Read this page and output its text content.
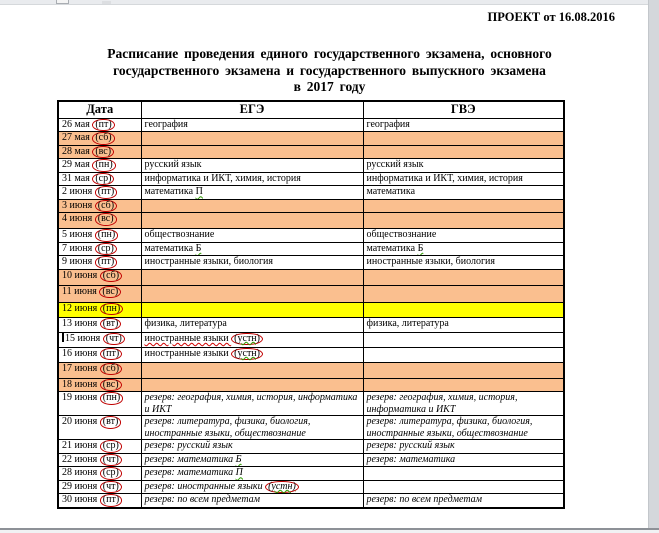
ПРОЕКТ от 16.08.2016
Расписание проведения единого государственного экзамена, основного
государственного экзамена и государственного выпускного экзамена
в 2017 году
Дата	ЕГЭ	ГВЭ
26 мая (пт)	география	география
27 мая (сб)		
28 мая (вс)		
29 мая (пн)	русский язык	русский язык
31 мая (ср)	информатика и ИКТ, химия, история	информатика и ИКТ, химия, история
2 июня (пт)	математика П	математика
3 июня (сб)		
4 июня (вс)		
5 июня (пн)	обществознание	обществознание
7 июня (ср)	математика Б	математика Б
9 июня (пт)	иностранные языки, биология	иностранные языки, биология
10 июня (сб)		
11 июня (вс)		
12 июня (пн)		
13 июня (вт)	физика, литература	физика, литература
15 июня (чт)	иностранные языки (устн)	
16 июня (пт)	иностранные языки (устн)	
17 июня (сб)		
18 июня (вс)		
19 июня (пн)	резерв: география, химия, история, информатика и ИКТ	резерв: география, химия, история, информатика и ИКТ
20 июня (вт)	резерв: литература, физика, биология, иностранные языки, обществознание	резерв: литература, физика, биология, иностранные языки, обществознание
21 июня (ср)	резерв: русский язык	резерв: русский язык
22 июня (чт)	резерв: математика Б	резерв: математика
28 июня (ср)	резерв: математика П	
29 июня (чт)	резерв: иностранные языки (устн)	
30 июня (пт)	резерв: по всем предметам	резерв: по всем предметам
